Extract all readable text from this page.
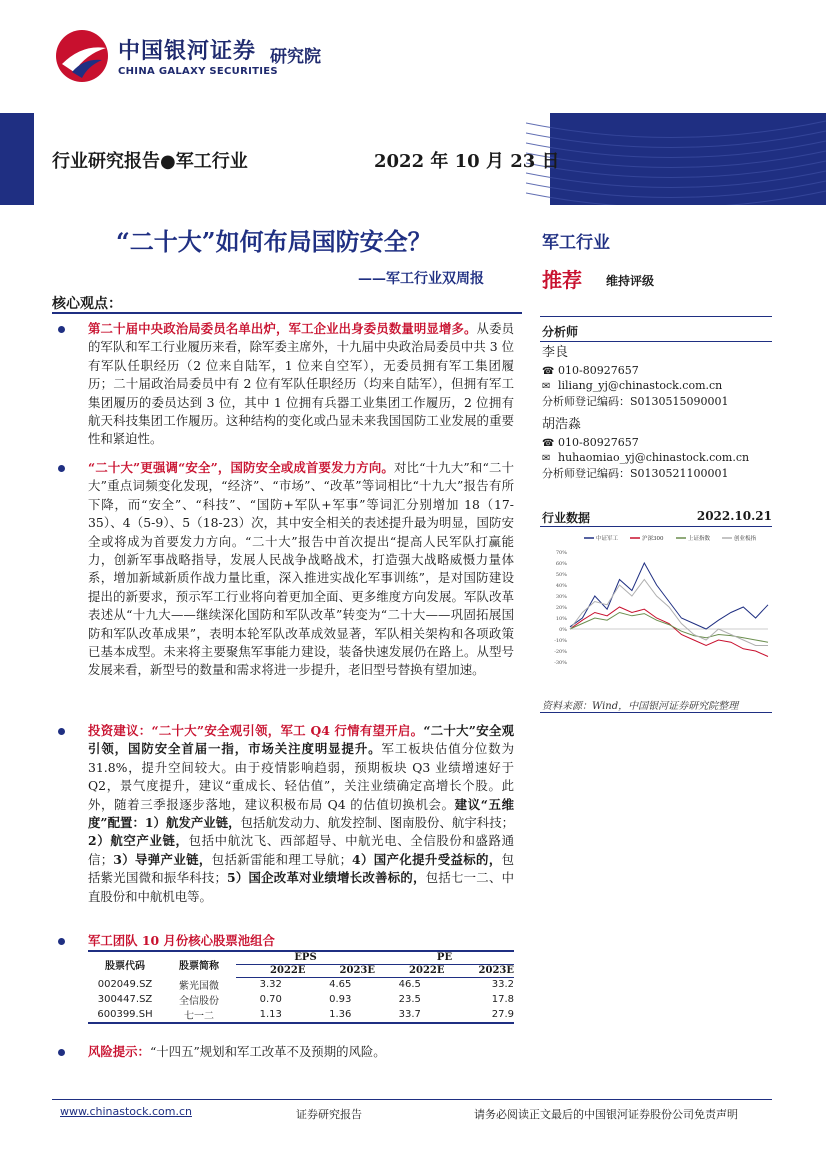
中国银河证券
CHINA GALAXY SECURITIES
研究院
行业研究报告●军工行业	2022 年 10 月 23 日
“二十大”如何布局国防安全？
——军工行业双周报
核心观点：
第二十届中央政治局委员名单出炉，军工企业出身委员数量明显增多。从委员的军队和军工行业履历来看，除军委主席外，十九届中央政治局委员中共 3 位有军队任职经历（2 位来自陆军，1 位来自空军），无委员拥有军工集团履历；二十届政治局委员中有 2 位有军队任职经历（均来自陆军），但拥有军工集团履历的委员达到 3 位，其中 1 位拥有兵器工业集团工作履历，2 位拥有航天科技集团工作履历。这种结构的变化或凸显未来我国国防工业发展的重要性和紧迫性。
“二十大”更强调“安全”，国防安全或成首要发力方向。对比“十九大”和“二十大”重点词频变化发现，“经济”、“市场”、“改革”等词相比“十九大”报告有所下降，而“安全”、“科技”、“国防+军队+军事”等词汇分别增加 18（17-35）、4（5-9）、5（18-23）次，其中安全相关的表述提升最为明显，国防安全或将成为首要发力方向。“二十大”报告中首次提出“提高人民军队打赢能力，创新军事战略指导，发展人民战争战略战术，打造强大战略威慑力量体系，增加新域新质作战力量比重，深入推进实战化军事训练”，是对国防建设提出的新要求，预示军工行业将向着更加全面、更多维度方向发展。军队改革表述从“十九大——继续深化国防和军队改革”转变为“二十大——巩固拓展国防和军队改革成果”，表明本轮军队改革成效显著，军队相关架构和各项政策已基本成型。未来将主要聚焦军事能力建设，装备快速发展仍在路上。从型号发展来看，新型号的数量和需求将进一步提升，老旧型号替换有望加速。
投资建议：“二十大”安全观引领，军工 Q4 行情有望开启。“二十大”安全观引领，国防安全首届一指，市场关注度明显提升。军工板块估值分位数为 31.8%，提升空间较大。由于疫情影响趋弱，预期板块 Q3 业绩增速好于 Q2，景气度提升，建议“重成长、轻估值”，关注业绩确定高增长个股。此外，随着三季报逐步落地，建议积极布局 Q4 的估值切换机会。建议“五维度”配置：1）航发产业链，包括航发动力、航发控制、图南股份、航宇科技；2）航空产业链，包括中航沈飞、西部超导、中航光电、全信股份和盛路通信；3）导弹产业链，包括新雷能和理工导航；4）国产化提升受益标的，包括紫光国微和振华科技；5）国企改革对业绩增长改善标的，包括七一二、中直股份和中航机电等。
军工团队 10 月份核心股票池组合
股票代码	股票简称	EPS		PE	
		2022E	2023E	2022E	2023E
002049.SZ	紫光国微	3.32	4.65	46.5	33.2
300447.SZ	全信股份	0.70	0.93	23.5	17.8
600399.SH	七一二	1.13	1.36	33.7	27.9
风险提示：“十四五”规划和军工改革不及预期的风险。
军工行业
推荐 维持评级
分析师
李良
☎ 010-80927657
✉ liliang_yj@chinastock.com.cn
分析师登记编码：S0130515090001
胡浩淼
☎ 010-80927657
✉ huhaomiao_yj@chinastock.com.cn
分析师登记编码：S0130521100001
行业数据	2022.10.21
70%
60%
50%
40%
30%
20%
10%
0%
-10%
-20%
-30%
中证军工	沪深300	上证指数	创业板指
资料来源：Wind，中国银河证券研究院整理
www.chinastock.com.cn	证券研究报告	请务必阅读正文最后的中国银河证券股份公司免责声明
